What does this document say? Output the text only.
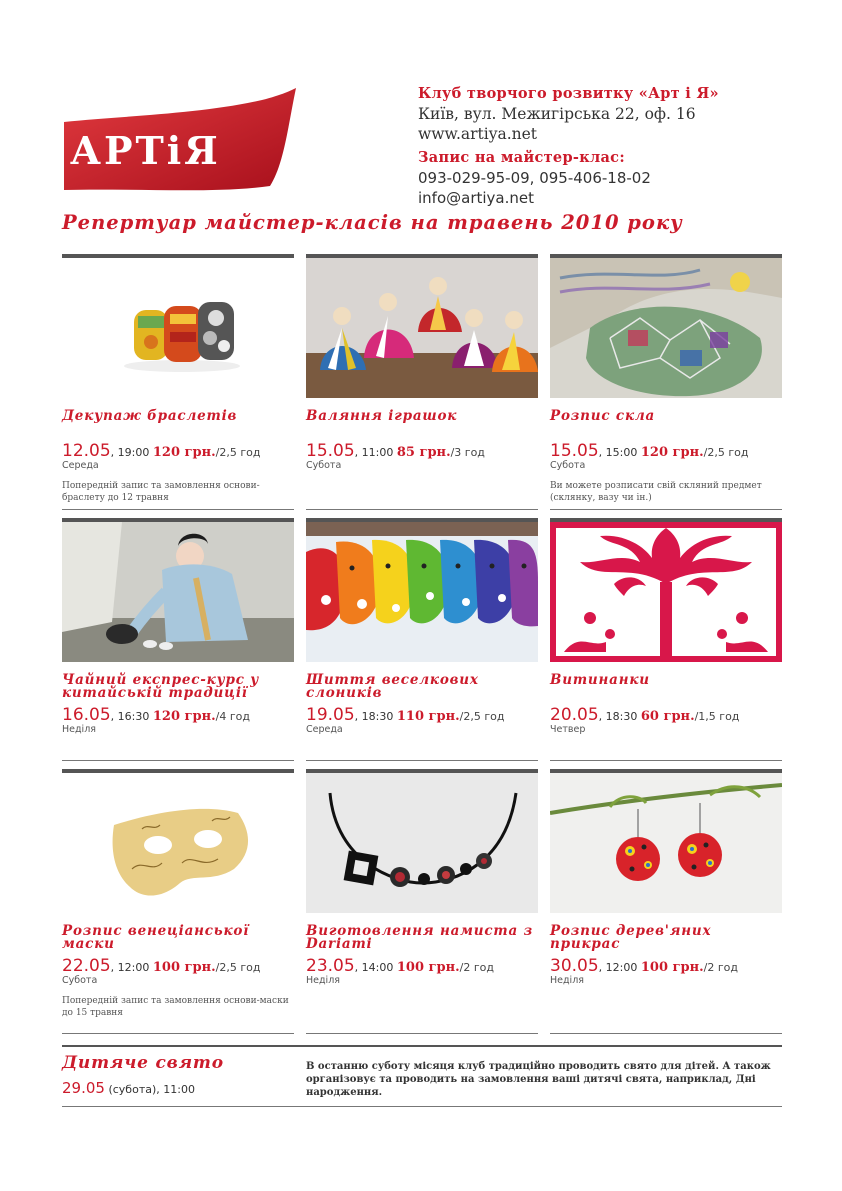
АРТіЯ
Клуб творчого розвитку «Арт і Я»
Київ, вул. Межигірська 22, оф. 16
www.artiya.net
Запис на майстер-клас:
093-029-95-09, 095-406-18-02
info@artiya.net
Репертуар майстер-класів на травень 2010 року
Декупаж браслетів
12.05, 19:00 120 грн./2,5 год
Середа
Попередній запис та замовлення основи-браслету до 12 травня
Валяння іграшок
15.05, 11:00 85 грн./3 год
Субота
Розпис скла
15.05, 15:00 120 грн./2,5 год
Субота
Ви можете розписати свій скляний предмет (склянку, вазу чи ін.)
Чайний експрес-курс у китайській традиції
16.05, 16:30 120 грн./4 год
Неділя
Шиття веселкових слоників
19.05, 18:30 110 грн./2,5 год
Середа
Витинанки
20.05, 18:30 60 грн./1,5 год
Четвер
Розпис венеціанської маски
22.05, 12:00 100 грн./2,5 год
Субота
Попередній запис та замовлення основи-маски до 15 травня
Виготовлення намиста з Dariami
23.05, 14:00 100 грн./2 год
Неділя
Розпис дерев'яних прикрас
30.05, 12:00 100 грн./2 год
Неділя
Дитяче свято
29.05 (субота), 11:00
В останню суботу місяця клуб традиційно проводить свято для дітей. А також організовує та проводить на замовлення ваші дитячі свята, наприклад, Дні народження.
